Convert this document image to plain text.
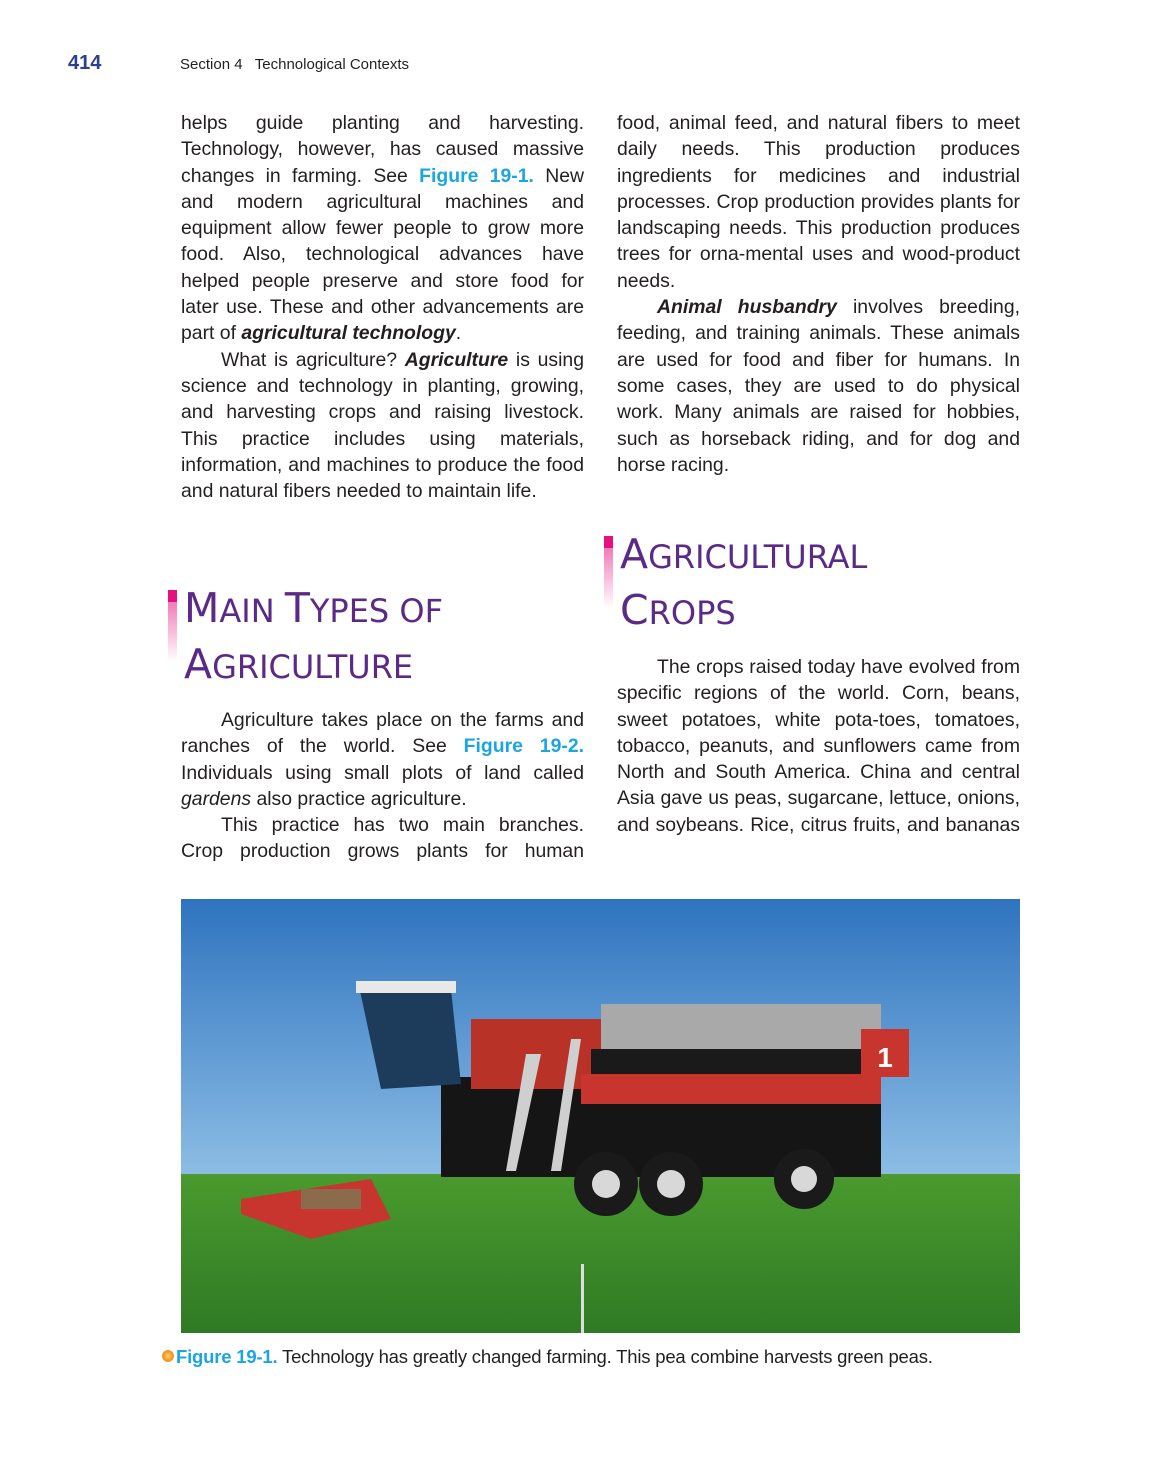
414	Section 4   Technological Contexts

helps guide planting and harvesting. Technology, however, has caused massive changes in farming. See Figure 19-1. New and modern agricultural machines and equipment allow fewer people to grow more food. Also, technological advances have helped people preserve and store food for later use. These and other advancements are part of agricultural technology.

What is agriculture? Agriculture is using science and technology in planting, growing, and harvesting crops and raising livestock. This practice includes using materials, information, and machines to produce the food and natural fibers needed to maintain life.

MAIN TYPES OF
AGRICULTURE

Agriculture takes place on the farms and ranches of the world. See Figure 19-2. Individuals using small plots of land called gardens also practice agriculture.

This practice has two main branches. Crop production grows plants for human

food, animal feed, and natural fibers to meet daily needs. This production produces ingredients for medicines and industrial processes. Crop production provides plants for landscaping needs. This production produces trees for orna-mental uses and wood-product needs.

Animal husbandry involves breeding, feeding, and training animals. These animals are used for food and fiber for humans. In some cases, they are used to do physical work. Many animals are raised for hobbies, such as horseback riding, and for dog and horse racing.

AGRICULTURAL
CROPS

The crops raised today have evolved from specific regions of the world. Corn, beans, sweet potatoes, white pota-toes, tomatoes, tobacco, peanuts, and sunflowers came from North and South America. China and central Asia gave us peas, sugarcane, lettuce, onions, and soybeans. Rice, citrus fruits, and bananas

1
Figure 19-1. Technology has greatly changed farming. This pea combine harvests green peas.
